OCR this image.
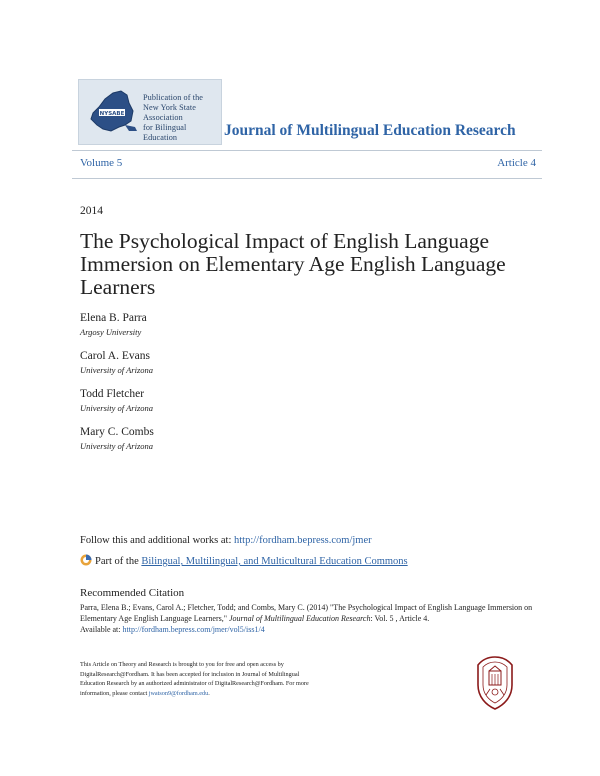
NYSABE
Publication of the
New York State Association
for Bilingual Education	Journal of Multilingual Education Research
Volume 5	Article 4
2014
The Psychological Impact of English Language Immersion on Elementary Age English Language Learners
Elena B. Parra
Argosy University
Carol A. Evans
University of Arizona
Todd Fletcher
University of Arizona
Mary C. Combs
University of Arizona
Follow this and additional works at: http://fordham.bepress.com/jmer
Part of the Bilingual, Multilingual, and Multicultural Education Commons
Recommended Citation
Parra, Elena B.; Evans, Carol A.; Fletcher, Todd; and Combs, Mary C. (2014) "The Psychological Impact of English Language Immersion on Elementary Age English Language Learners," Journal of Multilingual Education Research: Vol. 5 , Article 4.
Available at: http://fordham.bepress.com/jmer/vol5/iss1/4
This Article on Theory and Research is brought to you for free and open access by DigitalResearch@Fordham. It has been accepted for inclusion in Journal of Multilingual Education Research by an authorized administrator of DigitalResearch@Fordham. For more information, please contact jwatson9@fordham.edu.
